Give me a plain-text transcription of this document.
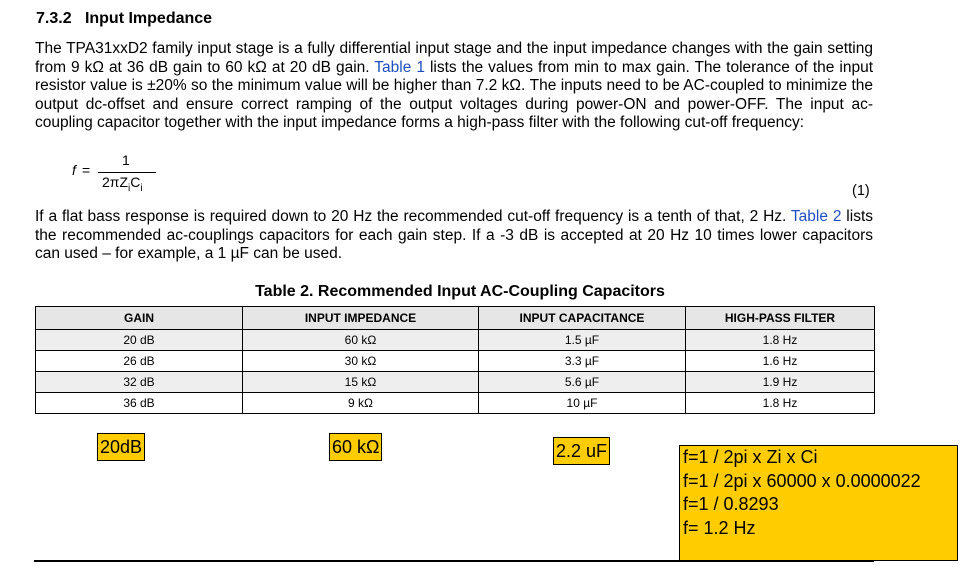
7.3.2 Input Impedance
The TPA31xxD2 family input stage is a fully differential input stage and the input impedance changes with the gain setting from 9 kΩ at 36 dB gain to 60 kΩ at 20 dB gain. Table 1 lists the values from min to max gain. The tolerance of the input resistor value is ±20% so the minimum value will be higher than 7.2 kΩ. The inputs need to be AC-coupled to minimize the output dc-offset and ensure correct ramping of the output voltages during power-ON and power-OFF. The input ac-coupling capacitor together with the input impedance forms a high-pass filter with the following cut-off frequency:
f =
1
$2\pi Z_iC_i$	(1)
If a flat bass response is required down to 20 Hz the recommended cut-off frequency is a tenth of that, 2 Hz. Table 2 lists the recommended ac-couplings capacitors for each gain step. If a -3 dB is accepted at 20 Hz 10 times lower capacitors can used – for example, a 1 µF can be used.
Table 2. Recommended Input AC-Coupling Capacitors
GAIN	INPUT IMPEDANCE	INPUT CAPACITANCE	HIGH-PASS FILTER
20 dB	60 kΩ	1.5 µF	1.8 Hz
26 dB	30 kΩ	3.3 µF	1.6 Hz
32 dB	15 kΩ	5.6 µF	1.9 Hz
36 dB	9 kΩ	10 µF	1.8 Hz
20dB	60 kΩ	2.2 uF	f=1 / 2pi x Zi x Ci
f=1 / 2pi x 60000 x 0.0000022
f=1 / 0.8293
f= 1.2 Hz
